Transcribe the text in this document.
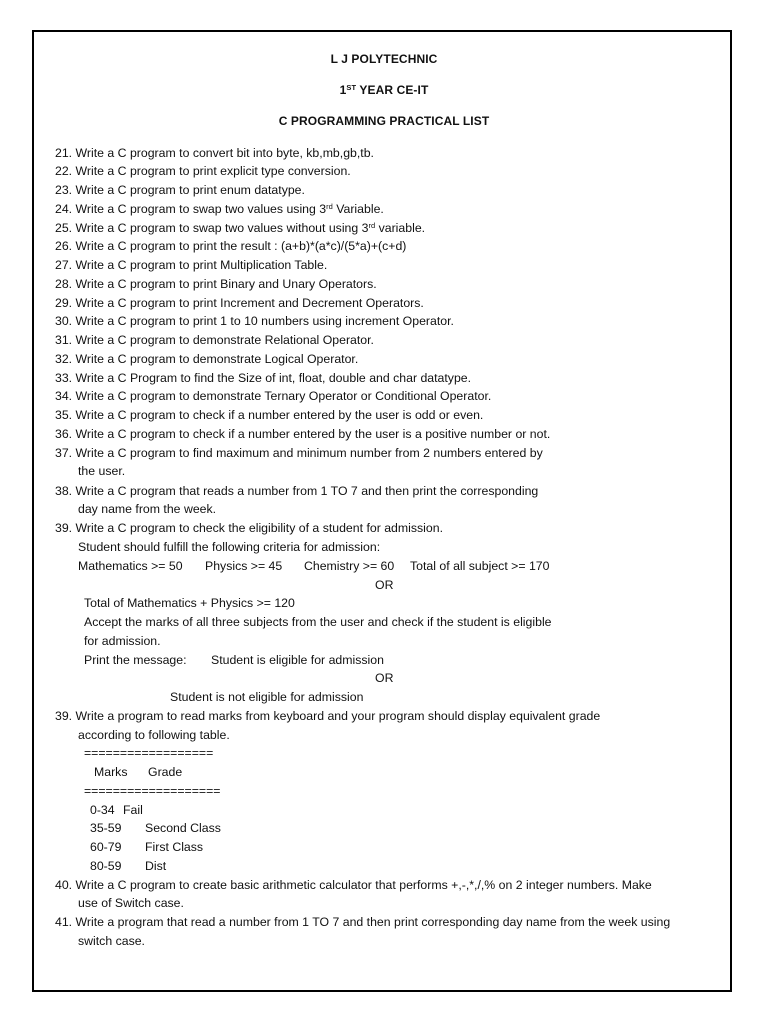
L J POLYTECHNIC
1ST YEAR CE-IT
C PROGRAMMING PRACTICAL LIST
21. Write a C program to convert bit into byte, kb,mb,gb,tb.
22. Write a C program to print explicit type conversion.
23. Write a C program to print enum datatype.
24. Write a C program to swap two values using 3rd Variable.
25. Write a C program to swap two values without using 3rd variable.
26. Write a C program to print the result : (a+b)*(a*c)/(5*a)+(c+d)
27. Write a C program to print Multiplication Table.
28. Write a C program to print Binary and Unary Operators.
29. Write a C program to print Increment and Decrement Operators.
30. Write a C program to print 1 to 10 numbers using increment Operator.
31. Write a C program to demonstrate Relational Operator.
32. Write a C program to demonstrate Logical Operator.
33. Write a C Program to find the Size of int, float, double and char datatype.
34. Write a C program to demonstrate Ternary Operator or Conditional Operator.
35. Write a C program to check if a number entered by the user is odd or even.
36. Write a C program to check if a number entered by the user is a positive number or not.
37. Write a C program to find maximum and minimum number from 2 numbers entered by
the user.
38. Write a C program that reads a number from 1 TO 7 and then print the corresponding
day name from the week.
39. Write a C program to check the eligibility of a student for admission.
Student should fulfill the following criteria for admission:
Mathematics >= 50 Physics >= 45 Chemistry >= 60 Total of all subject >= 170
OR
Total of Mathematics + Physics >= 120
Accept the marks of all three subjects from the user and check if the student is eligible
for admission.
Print the message: Student is eligible for admission
OR
Student is not eligible for admission
39. Write a program to read marks from keyboard and your program should display equivalent grade
according to following table.
==================
Marks Grade
===================
0-34 Fail
35-59 Second Class
60-79 First Class
80-59 Dist
40. Write a C program to create basic arithmetic calculator that performs +,-,*,/,% on 2 integer numbers. Make
use of Switch case.
41. Write a program that read a number from 1 TO 7 and then print corresponding day name from the week using
switch case.
